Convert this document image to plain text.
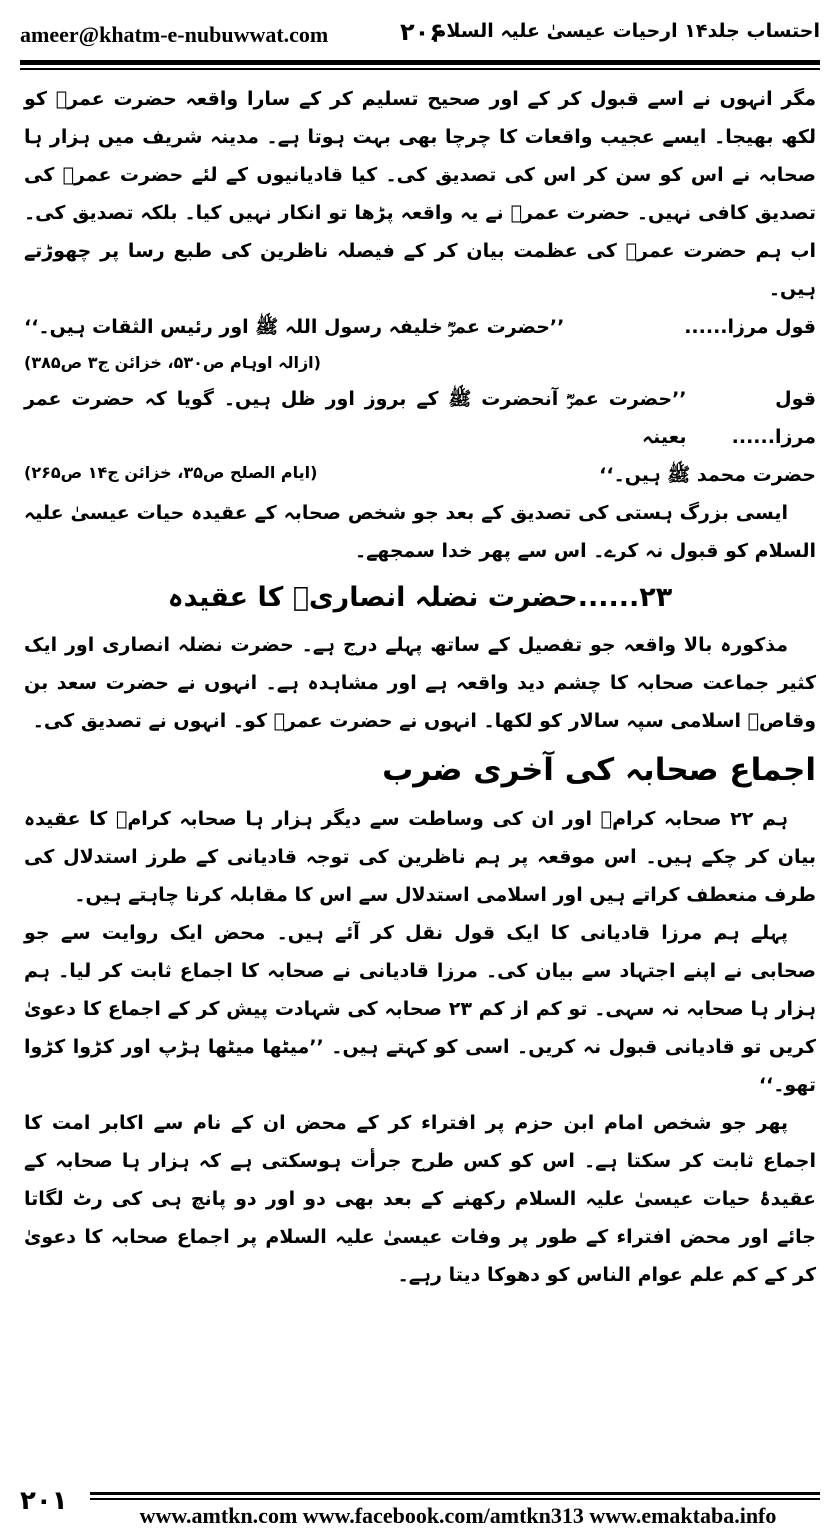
ameer@khatm-e-nubuwwat.com	۲۰۶
احتساب جلد۱۴ ارحیات عیسیٰ علیہ السلام

مگر انہوں نے اسے قبول کر کے اور صحیح تسلیم کر کے سارا واقعہ حضرت عمرؓ کو لکھ بھیجا۔ ایسے عجیب واقعات کا چرچا بھی بہت ہوتا ہے۔ مدینہ شریف میں ہزار ہا صحابہ نے اس کو سن کر اس کی تصدیق کی۔ کیا قادیانیوں کے لئے حضرت عمرؓ کی تصدیق کافی نہیں۔ حضرت عمرؓ نے یہ واقعہ پڑھا تو انکار نہیں کیا۔ بلکہ تصدیق کی۔ اب ہم حضرت عمرؓ کی عظمت بیان کر کے فیصلہ ناظرین کی طبع رسا پر چھوڑتے ہیں۔

قول مرزا......
’’حضرت عمرؓ خلیفہ رسول اللہ ﷺ اور رئیس الثقات ہیں۔‘‘
(ازالہ اوہام ص۵۳۰، خزائن ج۳ ص۳۸۵)
قول مرزا......
’’حضرت عمرؓ آنحضرت ﷺ کے بروز اور ظل ہیں۔ گویا کہ حضرت عمر بعینہ
حضرت محمد ﷺ ہیں۔‘‘
(ایام الصلح ص۳۵، خزائن ج۱۴ ص۲۶۵)

ایسی بزرگ ہستی کی تصدیق کے بعد جو شخص صحابہ کے عقیدہ حیات عیسیٰ علیہ السلام کو قبول نہ کرے۔ اس سے پھر خدا سمجھے۔

۲۳......حضرت نضلہ انصاریؓ کا عقیدہ

مذکورہ بالا واقعہ جو تفصیل کے ساتھ پہلے درج ہے۔ حضرت نضلہ انصاری اور ایک کثیر جماعت صحابہ کا چشم دید واقعہ ہے اور مشاہدہ ہے۔ انہوں نے حضرت سعد بن وقاصؓ اسلامی سپہ سالار کو لکھا۔ انہوں نے حضرت عمرؓ کو۔ انہوں نے تصدیق کی۔

اجماع صحابہ کی آخری ضرب

ہم ۲۲ صحابہ کرامؓ اور ان کی وساطت سے دیگر ہزار ہا صحابہ کرامؓ کا عقیدہ بیان کر چکے ہیں۔ اس موقعہ پر ہم ناظرین کی توجہ قادیانی کے طرز استدلال کی طرف منعطف کراتے ہیں اور اسلامی استدلال سے اس کا مقابلہ کرنا چاہتے ہیں۔

پہلے ہم مرزا قادیانی کا ایک قول نقل کر آئے ہیں۔ محض ایک روایت سے جو صحابی نے اپنے اجتہاد سے بیان کی۔ مرزا قادیانی نے صحابہ کا اجماع ثابت کر لیا۔ ہم ہزار ہا صحابہ نہ سہی۔ تو کم از کم ۲۳ صحابہ کی شہادت پیش کر کے اجماع کا دعویٰ کریں تو قادیانی قبول نہ کریں۔ اسی کو کہتے ہیں۔ ’’میٹھا میٹھا ہڑپ اور کڑوا کڑوا تھو۔‘‘

پھر جو شخص امام ابن حزم پر افتراء کر کے محض ان کے نام سے اکابر امت کا اجماع ثابت کر سکتا ہے۔ اس کو کس طرح جرأت ہوسکتی ہے کہ ہزار ہا صحابہ کے عقیدۂ حیات عیسیٰ علیہ السلام رکھنے کے بعد بھی دو اور دو پانچ ہی کی رٹ لگاتا جائے اور محض افتراء کے طور پر وفات عیسیٰ علیہ السلام پر اجماع صحابہ کا دعویٰ کر کے کم علم عوام الناس کو دھوکا دیتا رہے۔

۲۰۱	www.amtkn.com www.facebook.com/amtkn313 www.emaktaba.info
